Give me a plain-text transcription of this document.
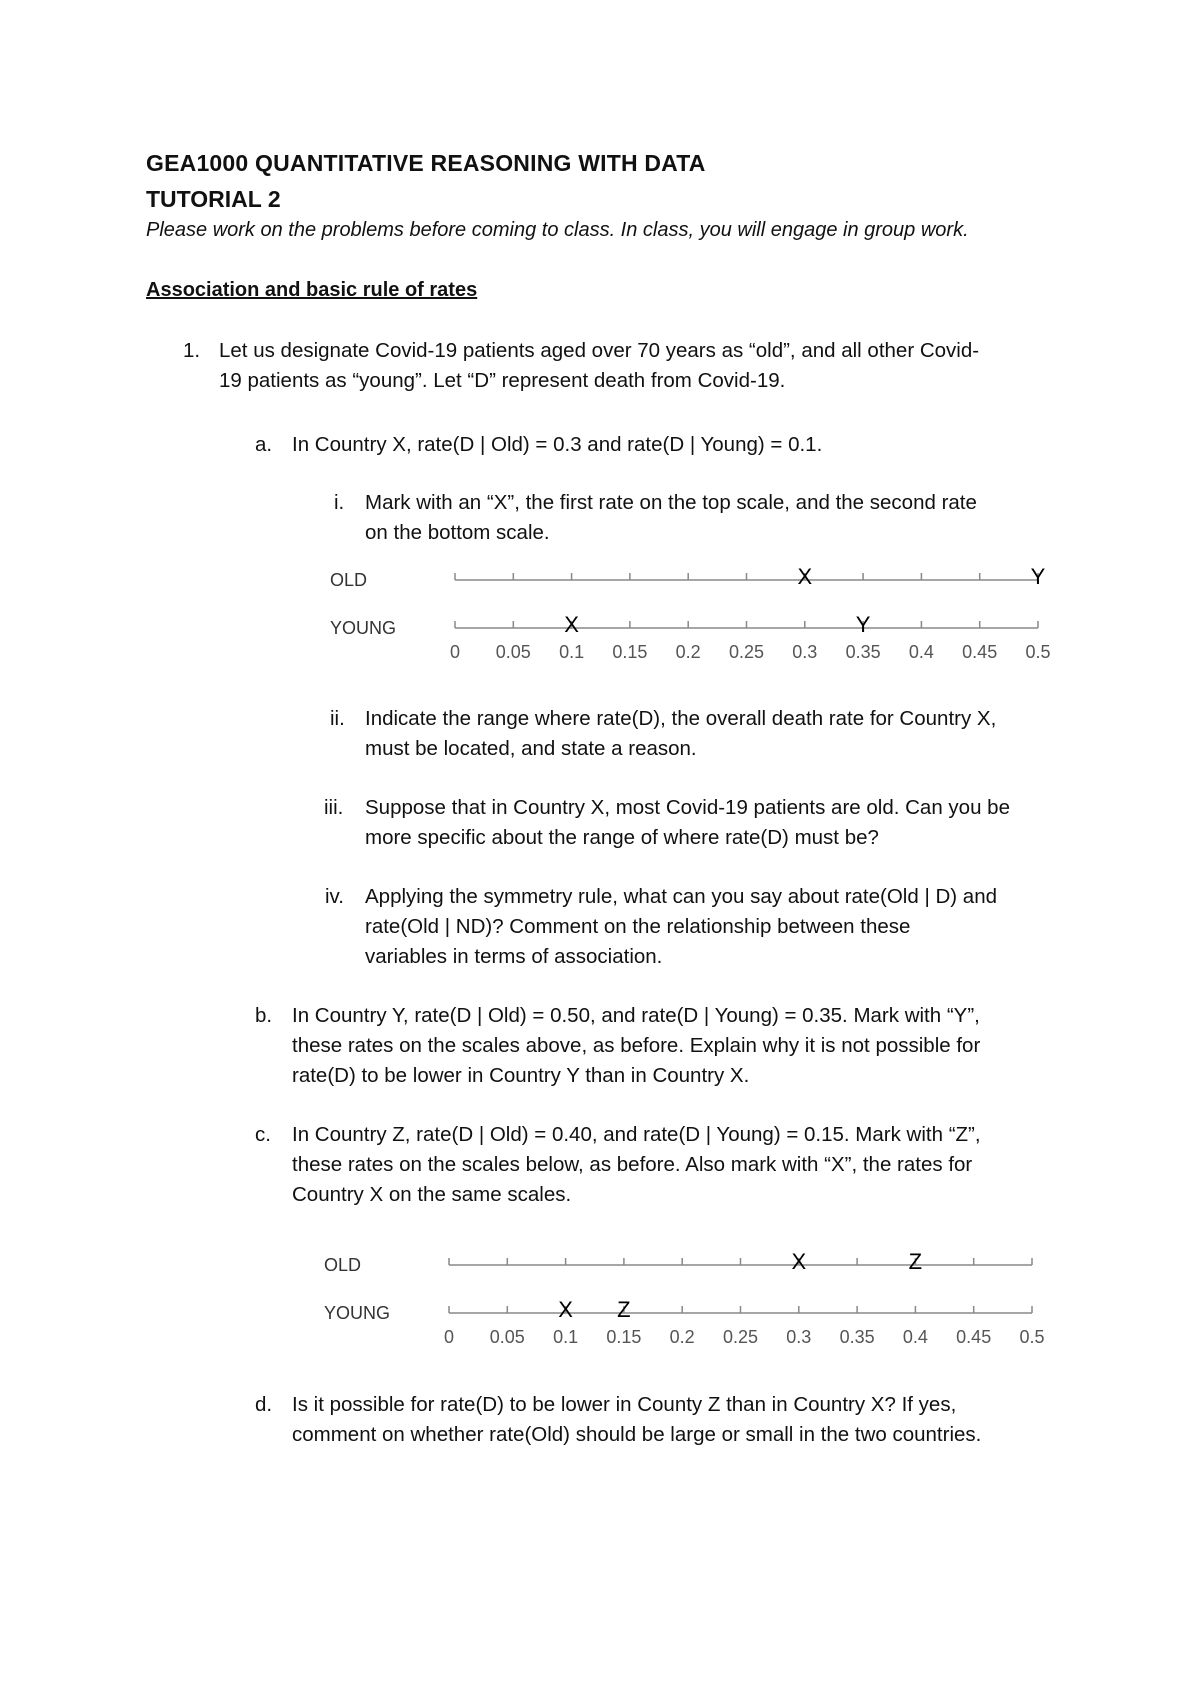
GEA1000 QUANTITATIVE REASONING WITH DATA
TUTORIAL 2
Please work on the problems before coming to class. In class, you will engage in group work.
Association and basic rule of rates
1. Let us designate Covid-19 patients aged over 70 years as “old”, and all other Covid-
19 patients as “young”. Let “D” represent death from Covid-19.
a. In Country X, rate(D | Old) = 0.3 and rate(D | Young) = 0.1.
i. Mark with an “X”, the first rate on the top scale, and the second rate
on the bottom scale.
OLD	X	Y
YOUNG	X	Y
0 0.05 0.1 0.15 0.2 0.25 0.3 0.35 0.4 0.45 0.5
ii. Indicate the range where rate(D), the overall death rate for Country X,
must be located, and state a reason.
iii. Suppose that in Country X, most Covid-19 patients are old. Can you be
more specific about the range of where rate(D) must be?
iv. Applying the symmetry rule, what can you say about rate(Old | D) and
rate(Old | ND)? Comment on the relationship between these
variables in terms of association.
b. In Country Y, rate(D | Old) = 0.50, and rate(D | Young) = 0.35. Mark with “Y”,
these rates on the scales above, as before. Explain why it is not possible for
rate(D) to be lower in Country Y than in Country X.
c. In Country Z, rate(D | Old) = 0.40, and rate(D | Young) = 0.15. Mark with “Z”,
these rates on the scales below, as before. Also mark with “X”, the rates for
Country X on the same scales.
OLD	X	Z
YOUNG	X Z
0 0.05 0.1 0.15 0.2 0.25 0.3 0.35 0.4 0.45 0.5
d. Is it possible for rate(D) to be lower in County Z than in Country X? If yes,
comment on whether rate(Old) should be large or small in the two countries.
